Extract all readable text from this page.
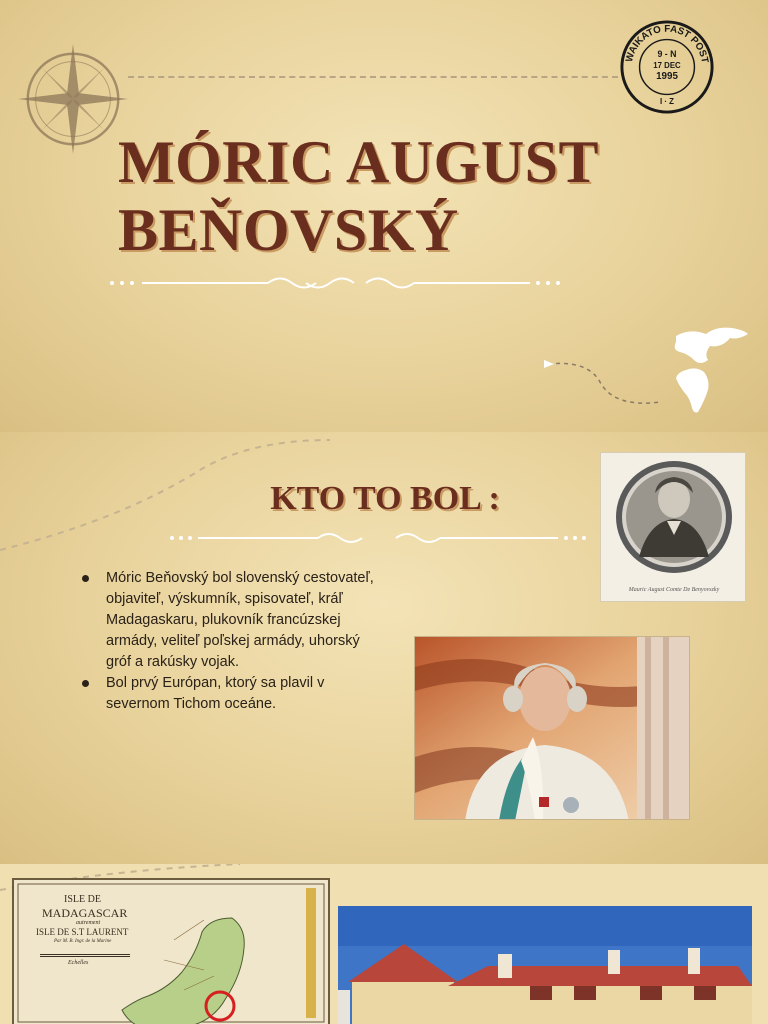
WAIKATO FAST POST
9 - N
17 DEC
1995
I · Z
MÓRIC AUGUST
BEŇOVSKÝ
KTO TO BOL :
Móric Beňovský bol slovenský cestovateľ, objaviteľ, výskumník, spisovateľ, kráľ Madagaskaru, plukovník francúzskej armády, veliteľ poľskej armády, uhorský gróf a rakúsky vojak.
Bol prvý Európan, ktorý sa plavil v severnom Tichom oceáne.
Mauric August Comte De Benyovszky
ISLE DE
MADAGASCAR
autrement
ISLE DE S.T LAURENT
Par M. B. Ingr. de la Marine
Echelles
